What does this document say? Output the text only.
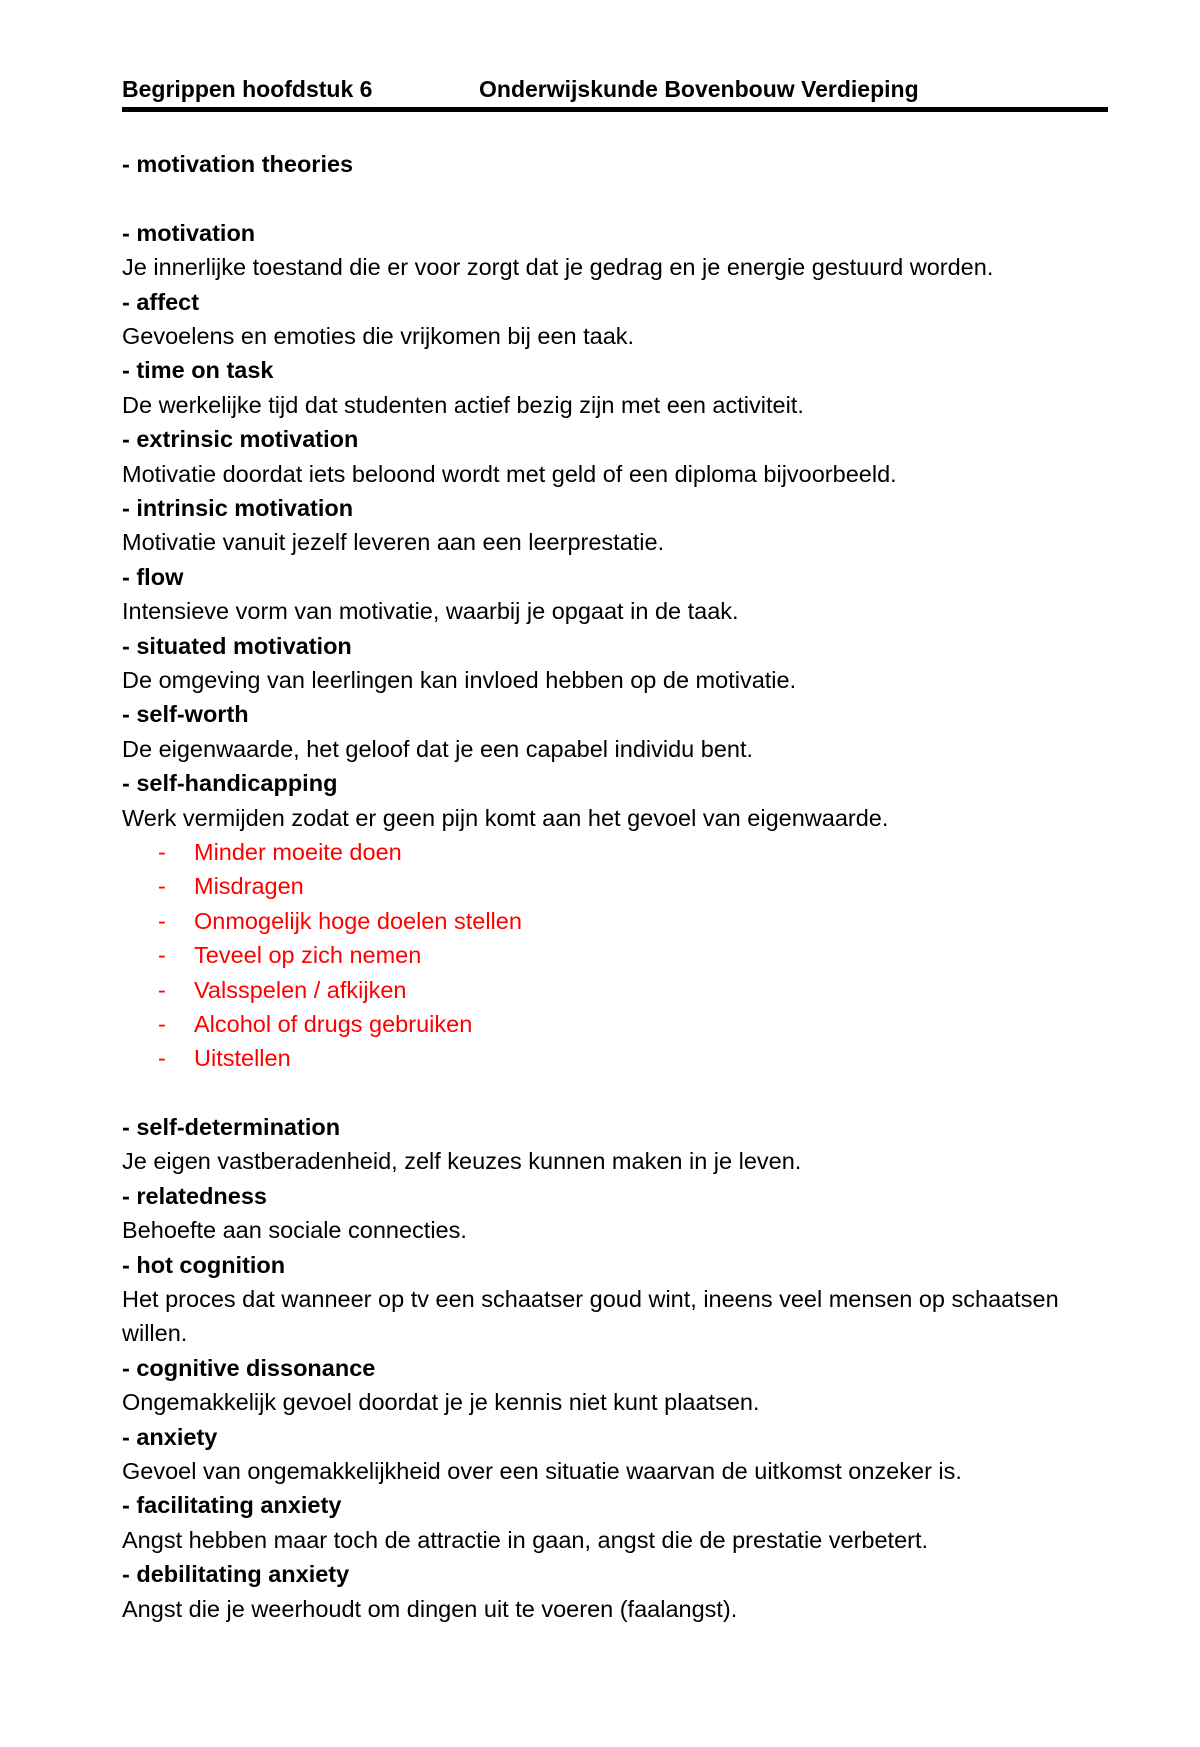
Begrippen hoofdstuk 6	Onderwijskunde Bovenbouw Verdieping

- motivation theories

- motivation

Je innerlijke toestand die er voor zorgt dat je gedrag en je energie gestuurd worden.

- affect

Gevoelens en emoties die vrijkomen bij een taak.

- time on task

De werkelijke tijd dat studenten actief bezig zijn met een activiteit.

- extrinsic motivation

Motivatie doordat iets beloond wordt met geld of een diploma bijvoorbeeld.

- intrinsic motivation

Motivatie vanuit jezelf leveren aan een leerprestatie.

- flow

Intensieve vorm van motivatie, waarbij je opgaat in de taak.

- situated motivation

De omgeving van leerlingen kan invloed hebben op de motivatie.

- self-worth

De eigenwaarde, het geloof dat je een capabel individu bent.

- self-handicapping

Werk vermijden zodat er geen pijn komt aan het gevoel van eigenwaarde.

- Minder moeite doen
- Misdragen
- Onmogelijk hoge doelen stellen
- Teveel op zich nemen
- Valsspelen / afkijken
- Alcohol of drugs gebruiken
- Uitstellen

- self-determination

Je eigen vastberadenheid, zelf keuzes kunnen maken in je leven.

- relatedness

Behoefte aan sociale connecties.

- hot cognition

Het proces dat wanneer op tv een schaatser goud wint, ineens veel mensen op schaatsen willen.

- cognitive dissonance

Ongemakkelijk gevoel doordat je je kennis niet kunt plaatsen.

- anxiety

Gevoel van ongemakkelijkheid over een situatie waarvan de uitkomst onzeker is.

- facilitating anxiety

Angst hebben maar toch de attractie in gaan, angst die de prestatie verbetert.

- debilitating anxiety

Angst die je weerhoudt om dingen uit te voeren (faalangst).
